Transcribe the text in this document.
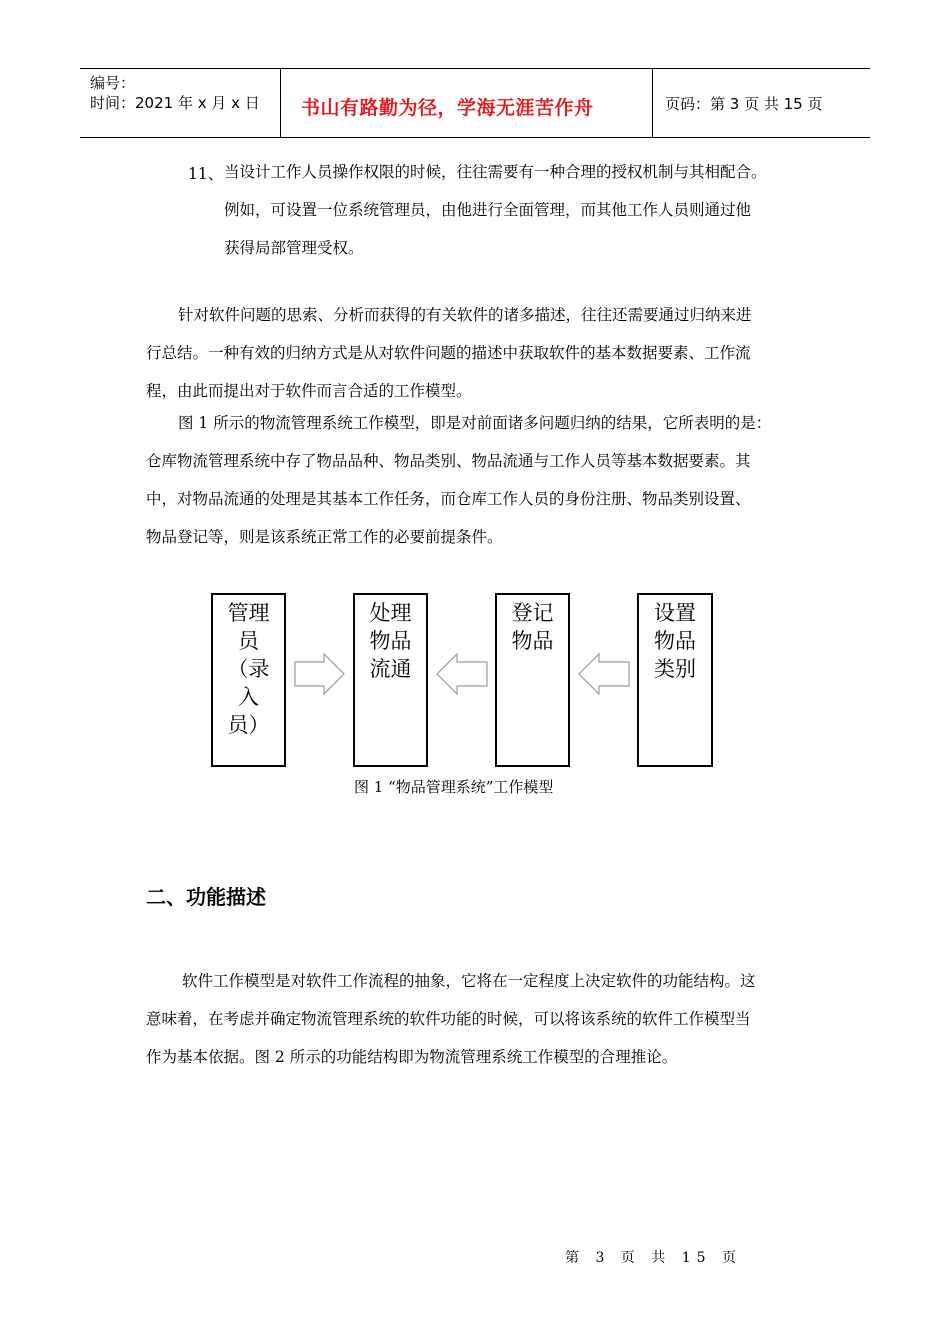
编号：
时间：2021 年 x 月 x 日	书山有路勤为径，学海无涯苦作舟	页码：第 3 页 共 15 页
11、 当设计工作人员操作权限的时候，往往需要有一种合理的授权机制与其相配合。
例如，可设置一位系统管理员，由他进行全面管理，而其他工作人员则通过他
获得局部管理受权。
针对软件问题的思索、分析而获得的有关软件的诸多描述，往往还需要通过归纳来进
行总结。一种有效的归纳方式是从对软件问题的描述中获取软件的基本数据要素、工作流
程，由此而提出对于软件而言合适的工作模型。
图 1 所示的物流管理系统工作模型，即是对前面诸多问题归纳的结果，它所表明的是：
仓库物流管理系统中存了物品品种、物品类别、物品流通与工作人员等基本数据要素。其
中，对物品流通的处理是其基本工作任务，而仓库工作人员的身份注册、物品类别设置、
物品登记等，则是该系统正常工作的必要前提条件。
管理
员
（录
入
员）
处理
物品
流通
登记
物品
设置
物品
类别
图 1 “物品管理系统”工作模型
二、功能描述
软件工作模型是对软件工作流程的抽象，它将在一定程度上决定软件的功能结构。这
意味着，在考虑并确定物流管理系统的软件功能的时候，可以将该系统的软件工作模型当
作为基本依据。图 2 所示的功能结构即为物流管理系统工作模型的合理推论。
第 3 页 共 15 页
